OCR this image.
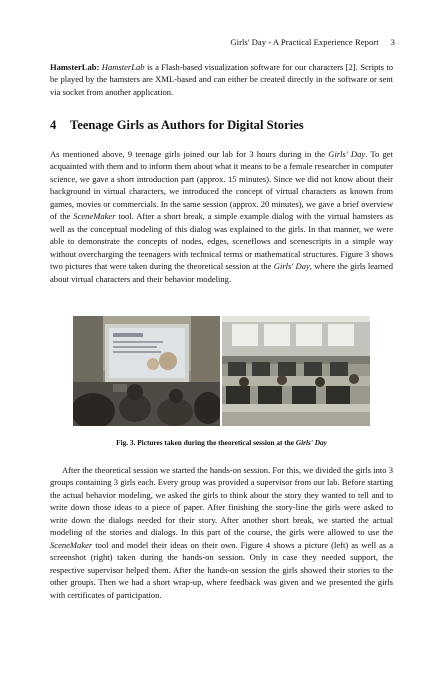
Girls' Day - A Practical Experience Report 3

HamsterLab: HamsterLab is a Flash-based visualization software for our characters [2]. Scripts to be played by the hamsters are XML-based and can either be created directly in the software or sent via socket from another application.

4 Teenage Girls as Authors for Digital Stories

As mentioned above, 9 teenage girls joined our lab for 3 hours during in the Girls' Day. To get acquainted with them and to inform them about what it means to be a female researcher in computer science, we gave a short introduction part (approx. 15 minutes). Since we did not know about their background in virtual characters, we introduced the concept of virtual characters as known from games, movies or commercials. In the same session (approx. 20 minutes), we gave a brief overview of the SceneMaker tool. After a short break, a simple example dialog with the virtual hamsters as well as the conceptual modeling of this dialog was explained to the girls. In that manner, we were able to demonstrate the concepts of nodes, edges, sceneflows and scenescripts in a simple way without overcharging the teenagers with technical terms or mathematical structures. Figure 3 shows two pictures that were taken during the theoretical session at the Girls' Day, where the girls learned about virtual characters and their behavior modeling.

Fig. 3. Pictures taken during the theoretical session at the Girls' Day

After the theoretical session we started the hands-on session. For this, we divided the girls into 3 groups containing 3 girls each. Every group was provided a supervisor from our lab. Before starting the actual behavior modeling, we asked the girls to think about the story they wanted to tell and to write down those ideas to a piece of paper. After finishing the story-line the girls were asked to write down the dialogs needed for their story. After another short break, we started the actual modeling of the stories and dialogs. In this part of the course, the girls were allowed to use the SceneMaker tool and model their ideas on their own. Figure 4 shows a picture (left) as well as a screenshot (right) taken during the hands-on session. Only in case they needed support, the respective supervisor helped them. After the hands-on session the girls showed their stories to the other groups. Then we had a short wrap-up, where feedback was given and we presented the girls with certificates of participation.
